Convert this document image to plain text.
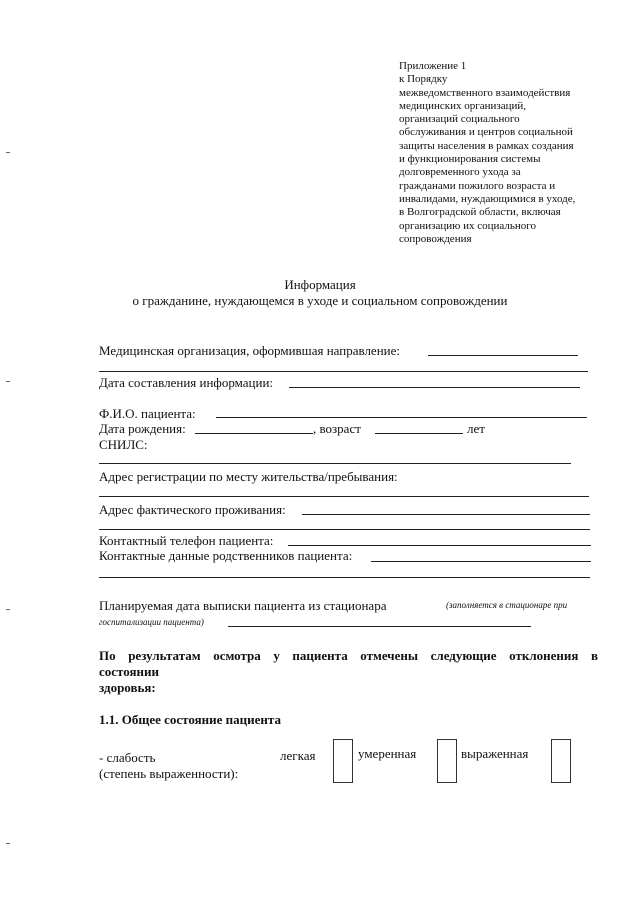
Приложение 1
к Порядку
межведомственного взаимодействия
медицинских организаций,
организаций социального
обслуживания и центров социальной
защиты населения в рамках создания
и функционирования системы
долговременного ухода за
гражданами пожилого возраста и
инвалидами, нуждающимися в уходе,
в Волгоградской области, включая
организацию их социального
сопровождения
Информация
о гражданине, нуждающемся в уходе и социальном сопровождении
Медицинская организация, оформившая направление:
Дата составления информации:
Ф.И.О. пациента:
Дата рождения:	, возраст	лет
СНИЛС:
Адрес регистрации по месту жительства/пребывания:
Адрес фактического проживания:
Контактный телефон пациента:
Контактные данные родственников пациента:
Планируемая дата выписки пациента из стационара	(заполняется в стационаре при
госпитализации пациента)
По результатам осмотра у пациента отмечены следующие отклонения в
состоянии
здоровья:
1.1. Общее состояние пациента
- слабость
(степень выраженности):
легкая	умеренная	выраженная
